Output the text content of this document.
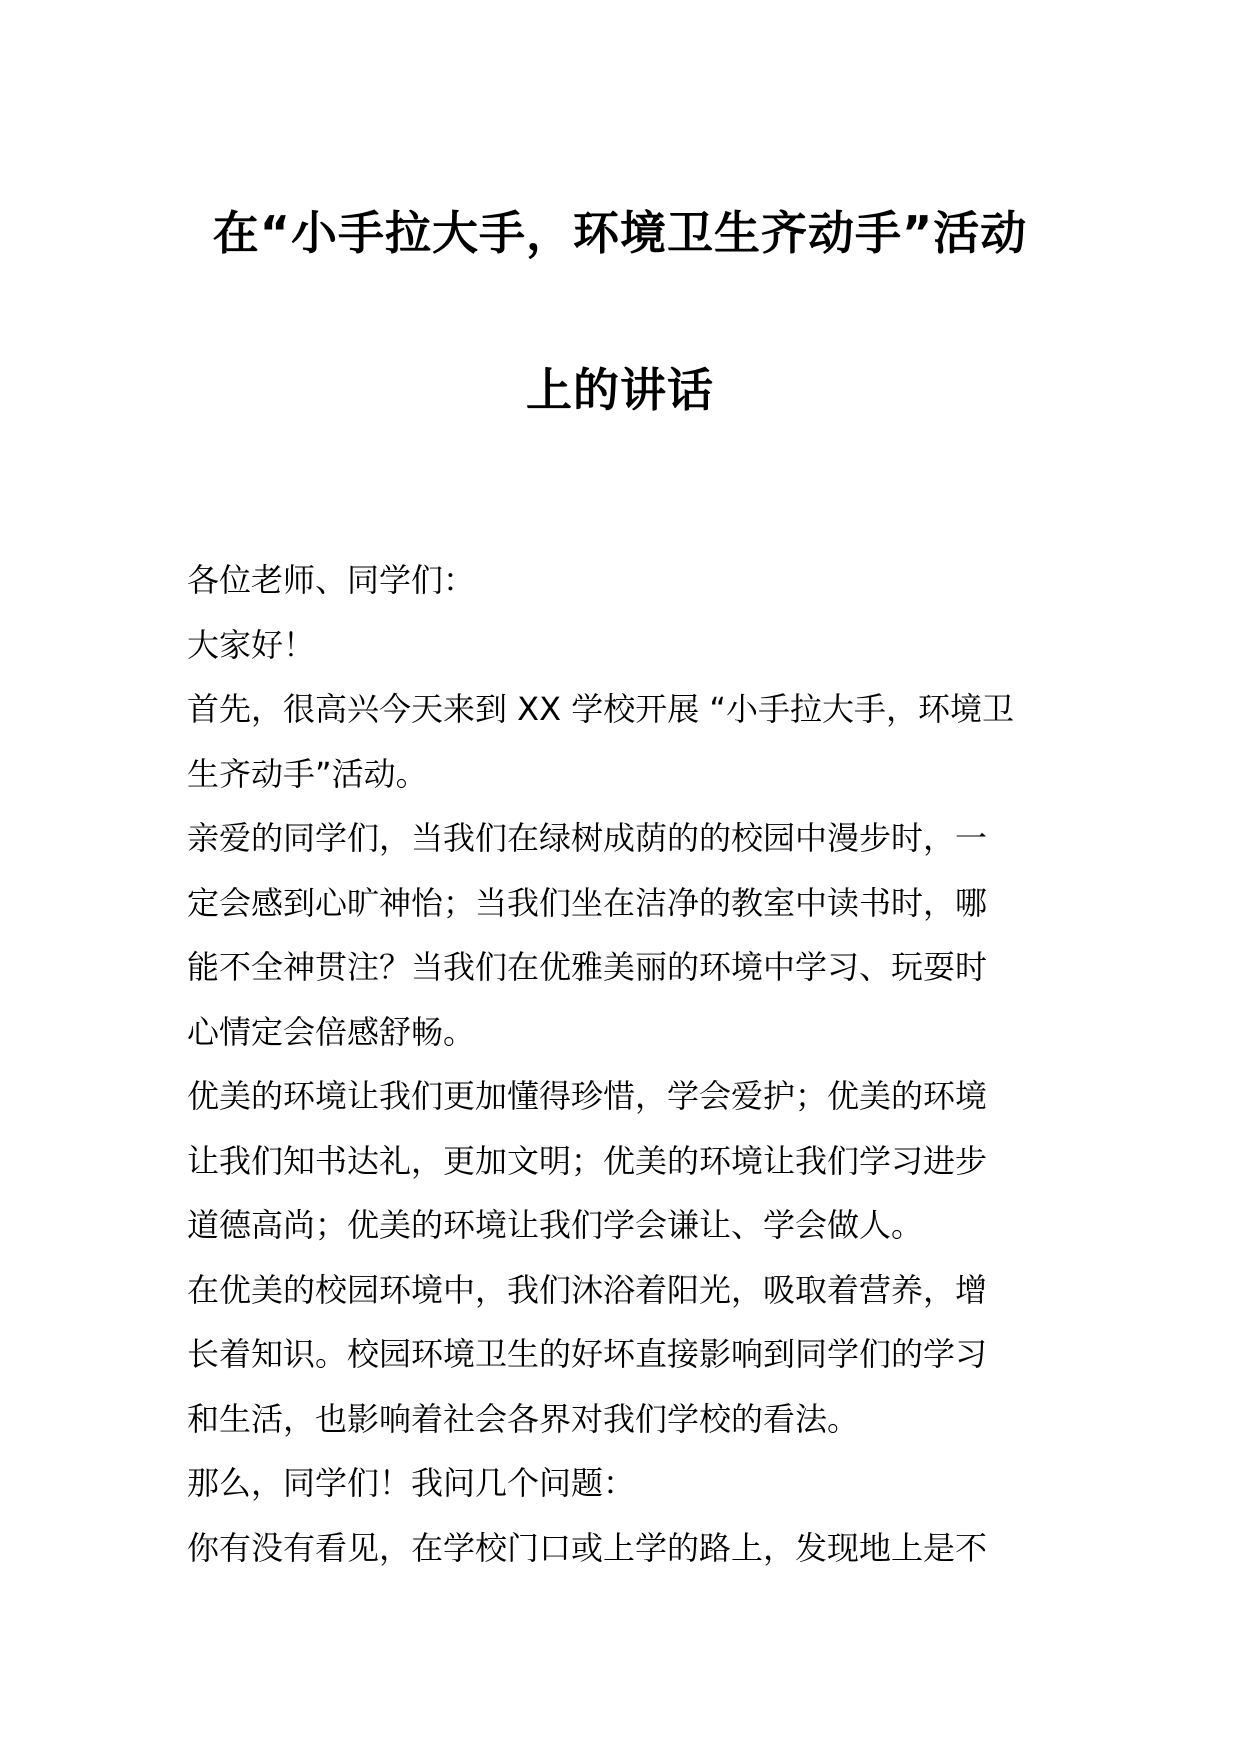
在“小手拉大手，环境卫生齐动手”活动
上的讲话
各位老师、同学们：
大家好！
首先，很高兴今天来到 XX 学校开展 “小手拉大手，环境卫
生齐动手”活动。
亲爱的同学们，当我们在绿树成荫的的校园中漫步时，一
定会感到心旷神怡；当我们坐在洁净的教室中读书时，哪
能不全神贯注？当我们在优雅美丽的环境中学习、玩耍时
心情定会倍感舒畅。
优美的环境让我们更加懂得珍惜，学会爱护；优美的环境
让我们知书达礼，更加文明；优美的环境让我们学习进步
道德高尚；优美的环境让我们学会谦让、学会做人。
在优美的校园环境中，我们沐浴着阳光，吸取着营养，增
长着知识。校园环境卫生的好坏直接影响到同学们的学习
和生活，也影响着社会各界对我们学校的看法。
那么，同学们！我问几个问题：
你有没有看见，在学校门口或上学的路上，发现地上是不
